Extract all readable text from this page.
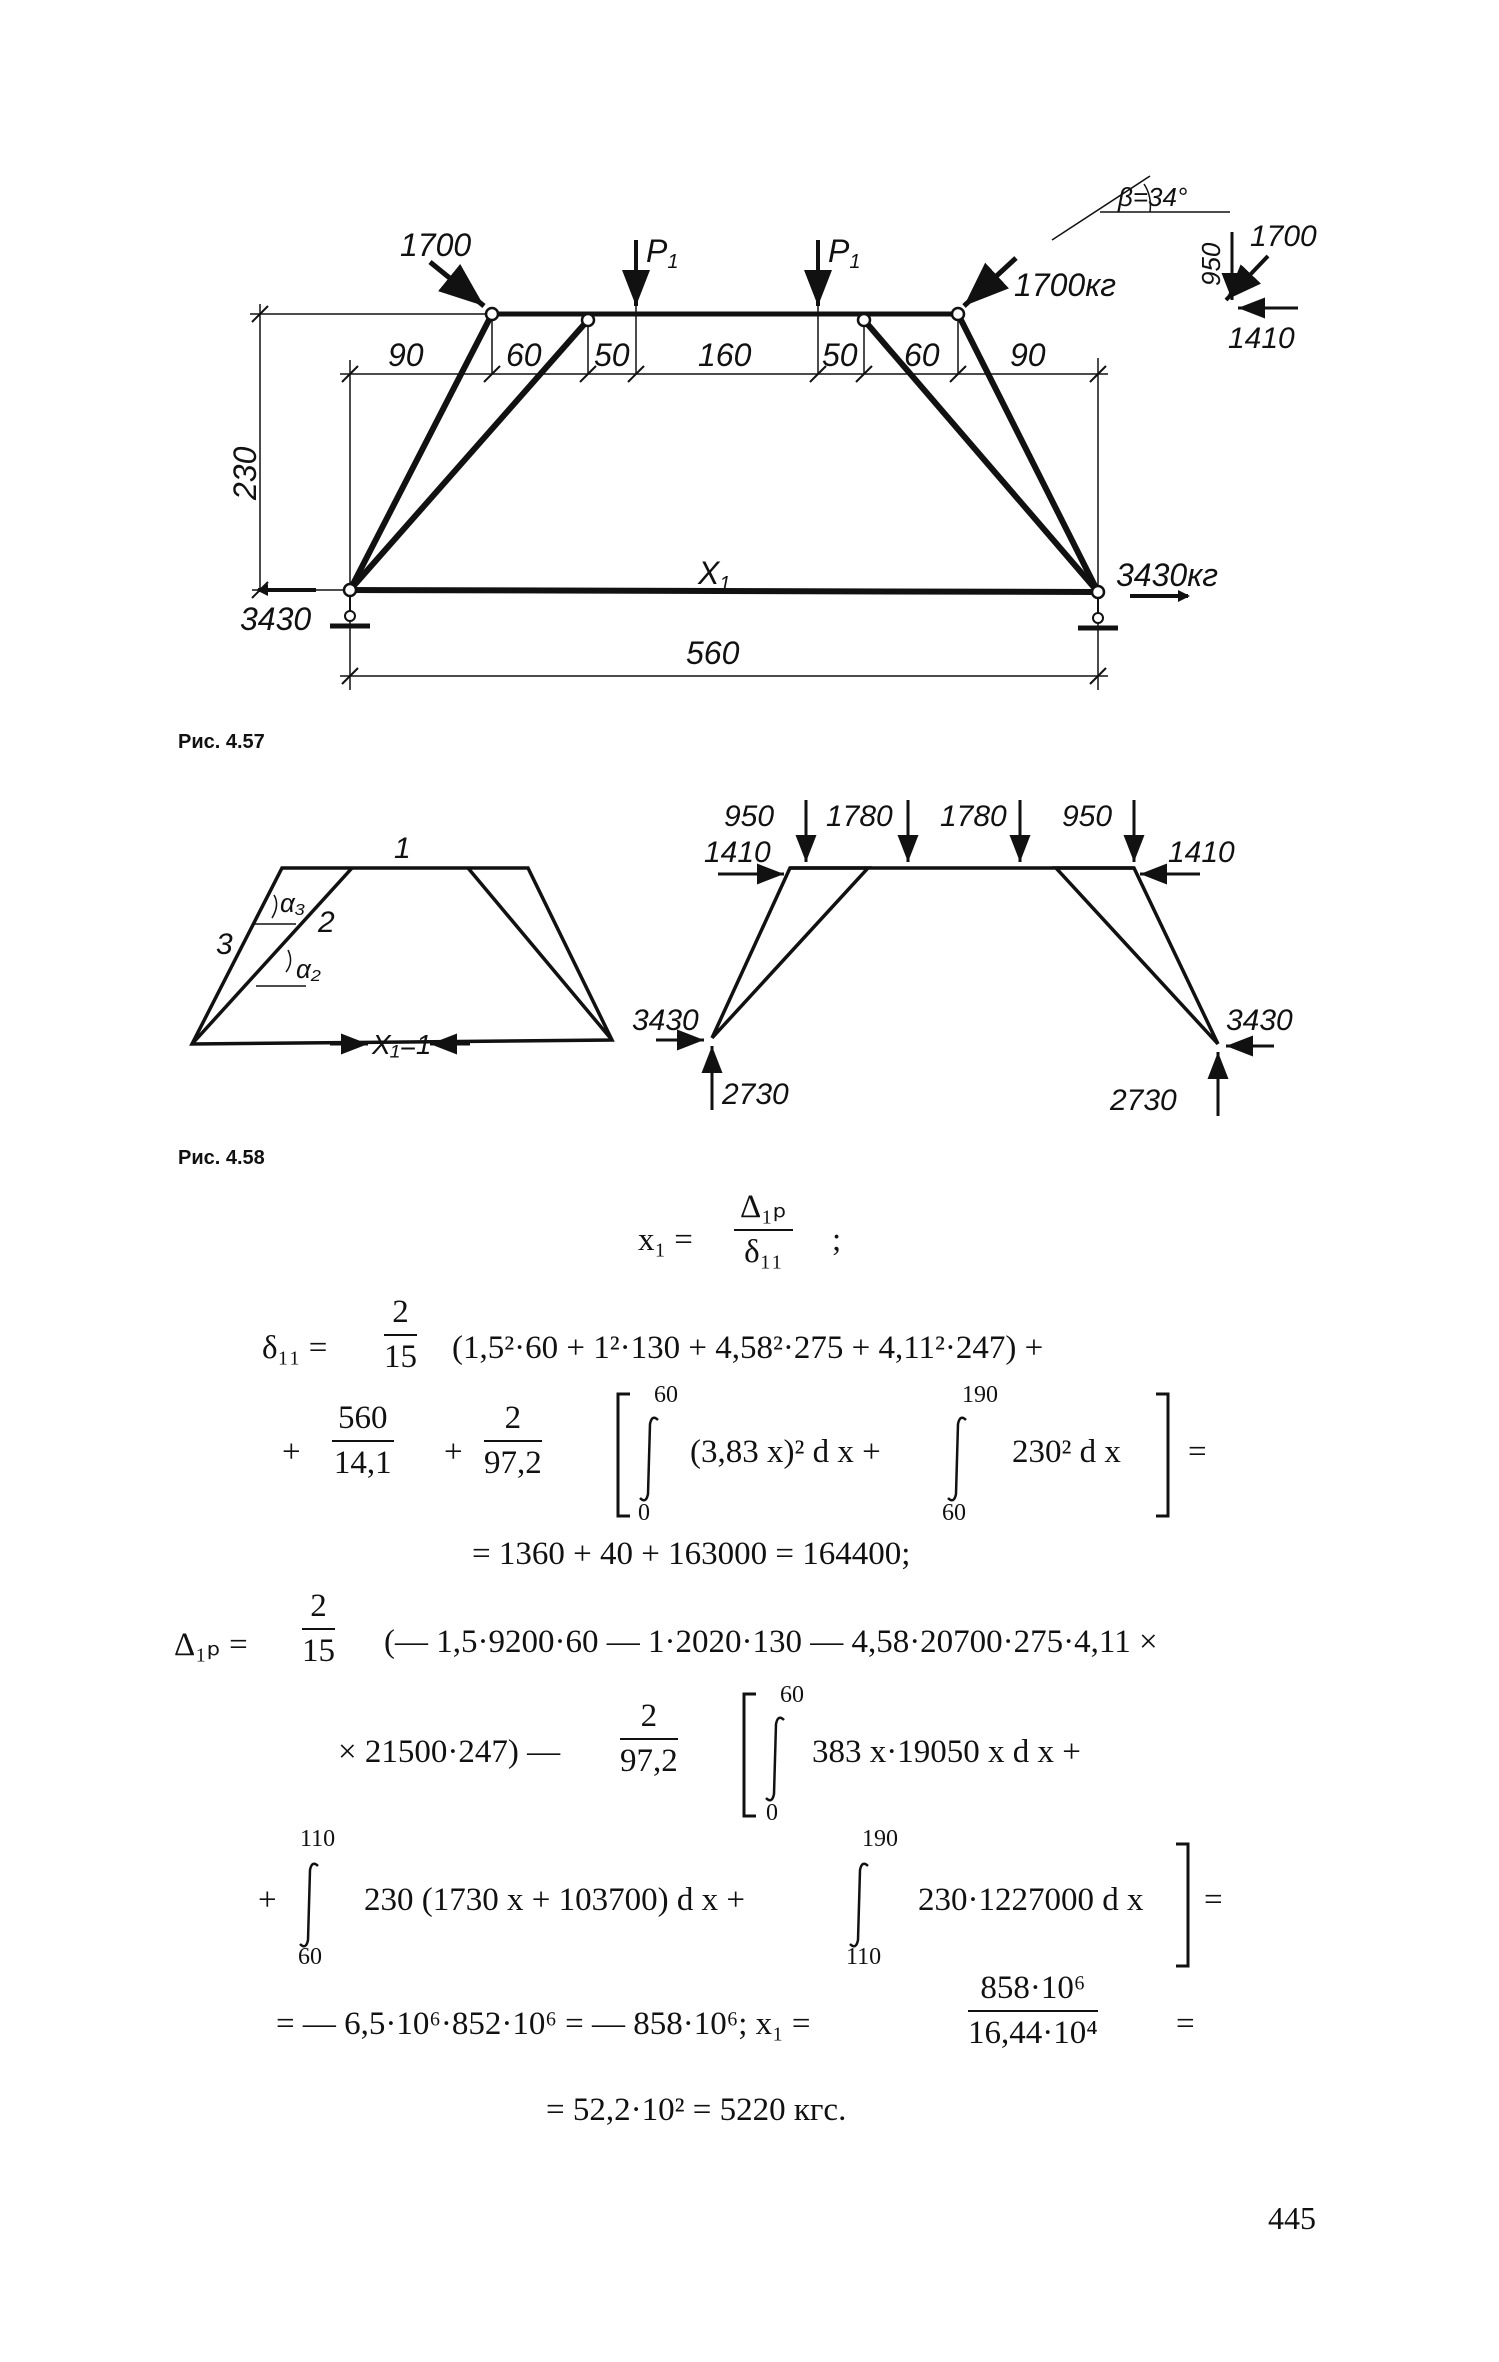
90	60 50 160 50 60 90
230
560
1700	P1	P1
1700кг
3430
3430кг
X1
β=34°
950
1700
1410
Рис. 4.57
1
2
3
α₃
α₂
X₁=1
950 1780 1780 950
1410	1410
3430	3430
2730	2730
Рис. 4.58
$x_1 = \frac{\text{Δ₁ₚ}}{\text{δ₁₁}}$ ;
$\delta_{11} = \frac{2}{15} (1,5^2\cdot 60 + 1^2\cdot 130 + 4,58^2\cdot 275 + 4,11^2\cdot 247)$ +
+ $\frac{560}{14,1} + \frac{2}{97,2}$
60
0
(3,83 x)² d x +
190
60
230² d x =
= 1360 + 40 + 163000 = 164400;
$\Delta_{1p} = \frac{2}{15}$ (— 1,5·9200·60 — 1·2020·130 — 4,58·20700·275·4,11 ×
× 21500·247) — $\frac{2}{97,2}$
60
0
383 x·19050 x d x +
+
110
60
230 (1730 x + 103700) d x +
190
110
230·1227000 d x =
= — 6,5·10⁶·852·10⁶ = — 858·10⁶; x₁ =	$\frac{\text{858·10⁶}}{\text{16,44·10⁴}}$ =
= 52,2·10² = 5220 кгс.
445
